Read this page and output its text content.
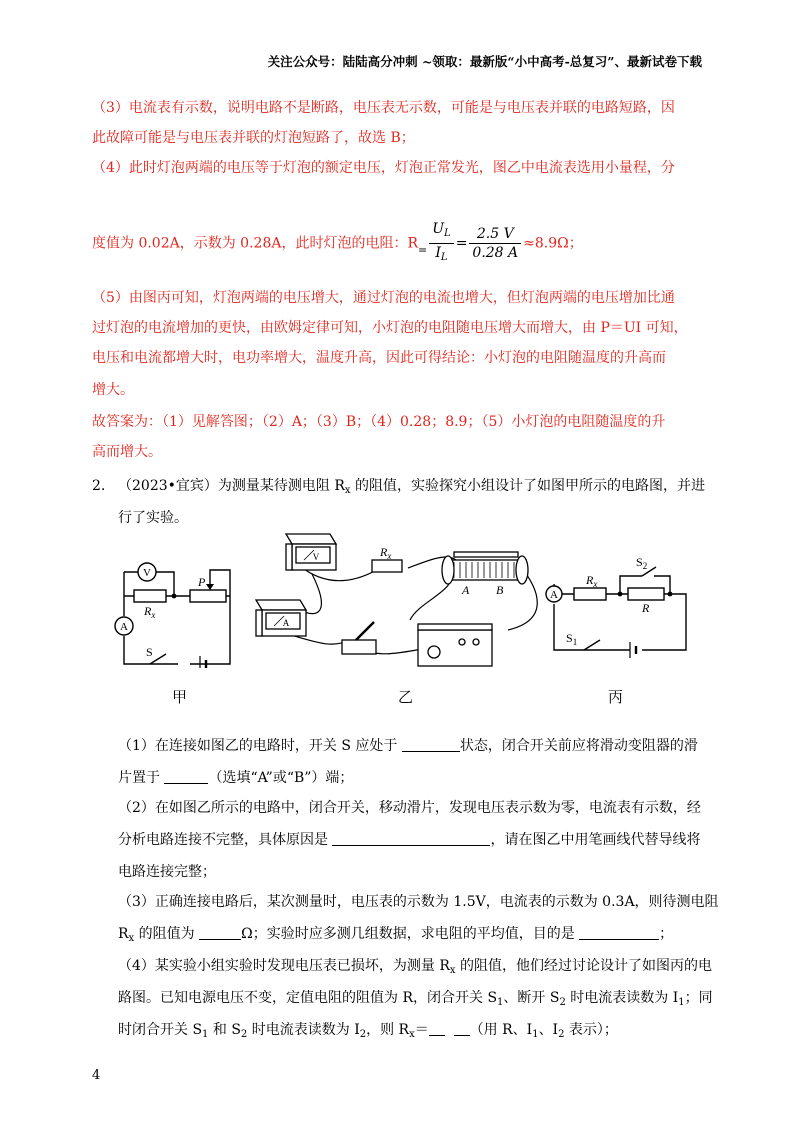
关注公众号：陆陆高分冲刺 ~领取：最新版“小中高考-总复习”、最新试卷下载
（3）电流表有示数，说明电路不是断路，电压表无示数，可能是与电压表并联的电路短路，因
此故障可能是与电压表并联的灯泡短路了，故选 B；
（4）此时灯泡两端的电压等于灯泡的额定电压，灯泡正常发光，图乙中电流表选用小量程，分
度值为 0.02A，示数为 0.28A，此时灯泡的电阻：$R_= \frac{U_L}{I_L} = \frac{2.5 V}{0.28 A} \approx 8.9\Omega$；
（5）由图丙可知，灯泡两端的电压增大，通过灯泡的电流也增大，但灯泡两端的电压增加比通
过灯泡的电流增加的更快，由欧姆定律可知，小灯泡的电阻随电压增大而增大，由 P＝UI 可知，
电压和电流都增大时，电功率增大，温度升高，因此可得结论：小灯泡的电阻随温度的升高而
增大。
故答案为：（1）见解答图；（2）A；（3）B；（4）0.28；8.9；（5）小灯泡的电阻随温度的升
高而增大。
2. （2023•宜宾）为测量某待测电阻 $R_x$ 的阻值，实验探究小组设计了如图甲所示的电路图，并进
行了实验。
V
A
P
$R_x$
S
V
A
$R_x$
A B	A
$R_x$
R
$S_2$
$S_1$
甲	乙	丙
（1）在连接如图乙的电路时，开关 S 应处于	状态，闭合开关前应将滑动变阻器的滑
片置于	（选填“A”或“B”）端；
（2）在如图乙所示的电路中，闭合开关，移动滑片，发现电压表示数为零，电流表有示数，经
分析电路连接不完整，具体原因是	，请在图乙中用笔画线代替导线将
电路连接完整；
（3）正确连接电路后，某次测量时，电压表的示数为 1.5V，电流表的示数为 0.3A，则待测电阻
$R_x$ 的阻值为	Ω；实验时应多测几组数据，求电阻的平均值，目的是	；
（4）某实验小组实验时发现电压表已损坏，为测量 $R_x$ 的阻值，他们经过讨论设计了如图丙的电
路图。已知电源电压不变，定值电阻的阻值为 R，闭合开关 $S_1$、断开 $S_2$ 时电流表读数为 $I_1$；同
时闭合开关 $S_1$ 和 $S_2$ 时电流表读数为 $I_2$，则 $R_x=$	（用 R、$I_1$、$I_2$ 表示）；
4
